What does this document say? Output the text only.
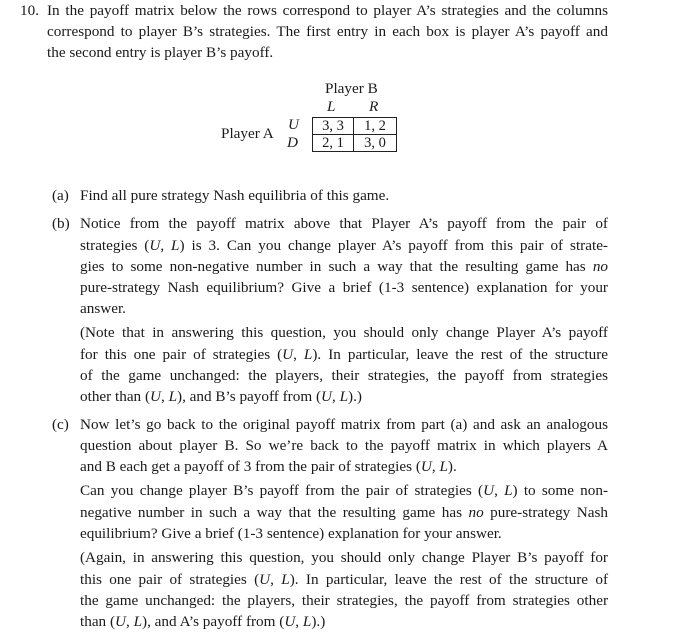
10. In the payoff matrix below the rows correspond to player A’s strategies and the columns
correspond to player B’s strategies. The first entry in each box is player A’s payoff and
the second entry is player B’s payoff.
Player B
L R
Player A
U
D
3, 3	1, 2
2, 1	3, 0
(a) Find all pure strategy Nash equilibria of this game.
(b) Notice from the payoff matrix above that Player A’s payoff from the pair of
strategies (U, L) is 3. Can you change player A’s payoff from this pair of strate-
gies to some non-negative number in such a way that the resulting game has no
pure-strategy Nash equilibrium? Give a brief (1-3 sentence) explanation for your
answer.
(Note that in answering this question, you should only change Player A’s payoff
for this one pair of strategies (U, L). In particular, leave the rest of the structure
of the game unchanged: the players, their strategies, the payoff from strategies
other than (U, L), and B’s payoff from (U, L).)
(c) Now let’s go back to the original payoff matrix from part (a) and ask an analogous
question about player B. So we’re back to the payoff matrix in which players A
and B each get a payoff of 3 from the pair of strategies (U, L).
Can you change player B’s payoff from the pair of strategies (U, L) to some non-
negative number in such a way that the resulting game has no pure-strategy Nash
equilibrium? Give a brief (1-3 sentence) explanation for your answer.
(Again, in answering this question, you should only change Player B’s payoff for
this one pair of strategies (U, L). In particular, leave the rest of the structure of
the game unchanged: the players, their strategies, the payoff from strategies other
than (U, L), and A’s payoff from (U, L).)
